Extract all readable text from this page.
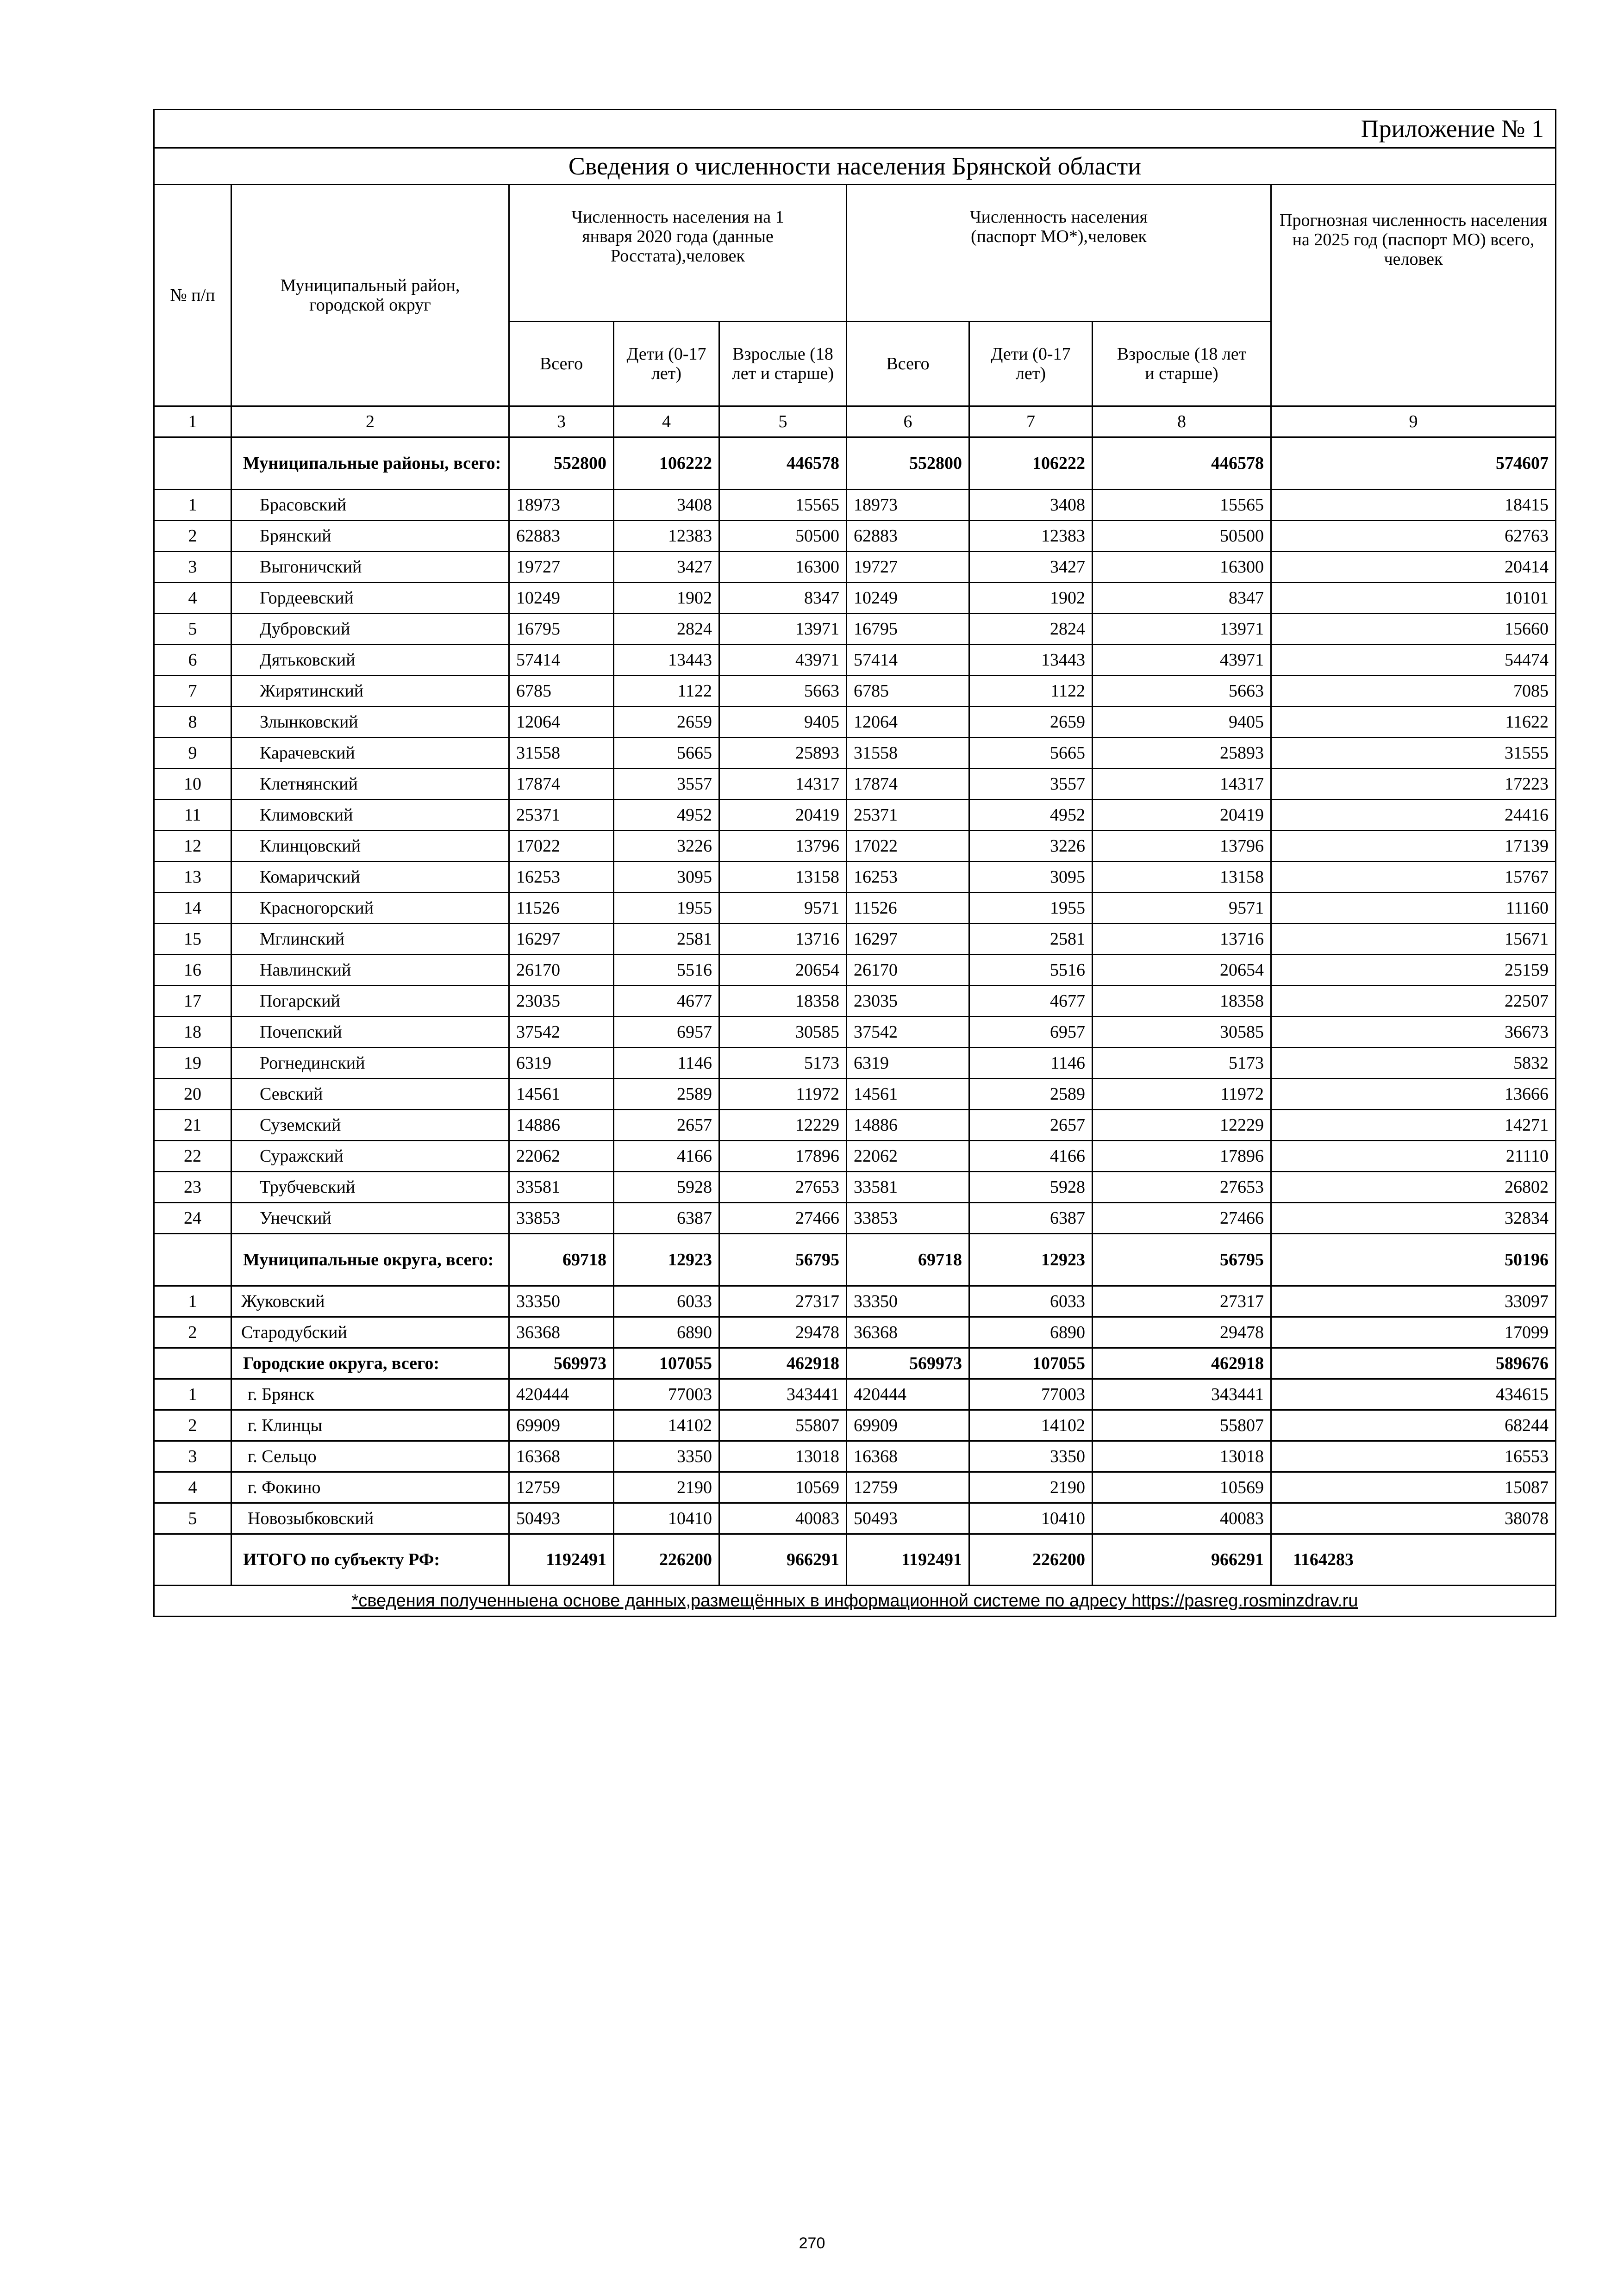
Приложение № 1								
Сведения о численности населения Брянской области								
№ п/п	Муниципальный район, городской округ	Численность населения на 1 января 2020 года (данные Росстата),человек			Численность населения (паспорт МО*),человек			Прогнозная численность населения на 2025 год (паспорт МО) всего, человек
		Всего	Дети (0-17 лет)	Взрослые (18 лет и старше)	Всего	Дети (0-17 лет)	Взрослые (18 лет и старше)	
1	2	3	4	5	6	7	8	9
	Муниципальные районы, всего:	552800	106222	446578	552800	106222	446578	574607
1	Брасовский	18973	3408	15565	18973	3408	15565	18415
2	Брянский	62883	12383	50500	62883	12383	50500	62763
3	Выгоничский	19727	3427	16300	19727	3427	16300	20414
4	Гордеевский	10249	1902	8347	10249	1902	8347	10101
5	Дубровский	16795	2824	13971	16795	2824	13971	15660
6	Дятьковский	57414	13443	43971	57414	13443	43971	54474
7	Жирятинский	6785	1122	5663	6785	1122	5663	7085
8	Злынковский	12064	2659	9405	12064	2659	9405	11622
9	Карачевский	31558	5665	25893	31558	5665	25893	31555
10	Клетнянский	17874	3557	14317	17874	3557	14317	17223
11	Климовский	25371	4952	20419	25371	4952	20419	24416
12	Клинцовский	17022	3226	13796	17022	3226	13796	17139
13	Комаричский	16253	3095	13158	16253	3095	13158	15767
14	Красногорский	11526	1955	9571	11526	1955	9571	11160
15	Мглинский	16297	2581	13716	16297	2581	13716	15671
16	Навлинский	26170	5516	20654	26170	5516	20654	25159
17	Погарский	23035	4677	18358	23035	4677	18358	22507
18	Почепский	37542	6957	30585	37542	6957	30585	36673
19	Рогнединский	6319	1146	5173	6319	1146	5173	5832
20	Севский	14561	2589	11972	14561	2589	11972	13666
21	Суземский	14886	2657	12229	14886	2657	12229	14271
22	Суражский	22062	4166	17896	22062	4166	17896	21110
23	Трубчевский	33581	5928	27653	33581	5928	27653	26802
24	Унечский	33853	6387	27466	33853	6387	27466	32834
	Муниципальные округа, всего:	69718	12923	56795	69718	12923	56795	50196
1	Жуковский	33350	6033	27317	33350	6033	27317	33097
2	Стародубский	36368	6890	29478	36368	6890	29478	17099
	Городские округа, всего:	569973	107055	462918	569973	107055	462918	589676
1	г. Брянск	420444	77003	343441	420444	77003	343441	434615
2	г. Клинцы	69909	14102	55807	69909	14102	55807	68244
3	г. Сельцо	16368	3350	13018	16368	3350	13018	16553
4	г. Фокино	12759	2190	10569	12759	2190	10569	15087
5	Новозыбковский	50493	10410	40083	50493	10410	40083	38078
	ИТОГО по субъекту РФ:	1192491	226200	966291	1192491	226200	966291	1164283
*сведения полученныена основе данных,размещённых в информационной системе по адресу https://pasreg.rosminzdrav.ru								
270
